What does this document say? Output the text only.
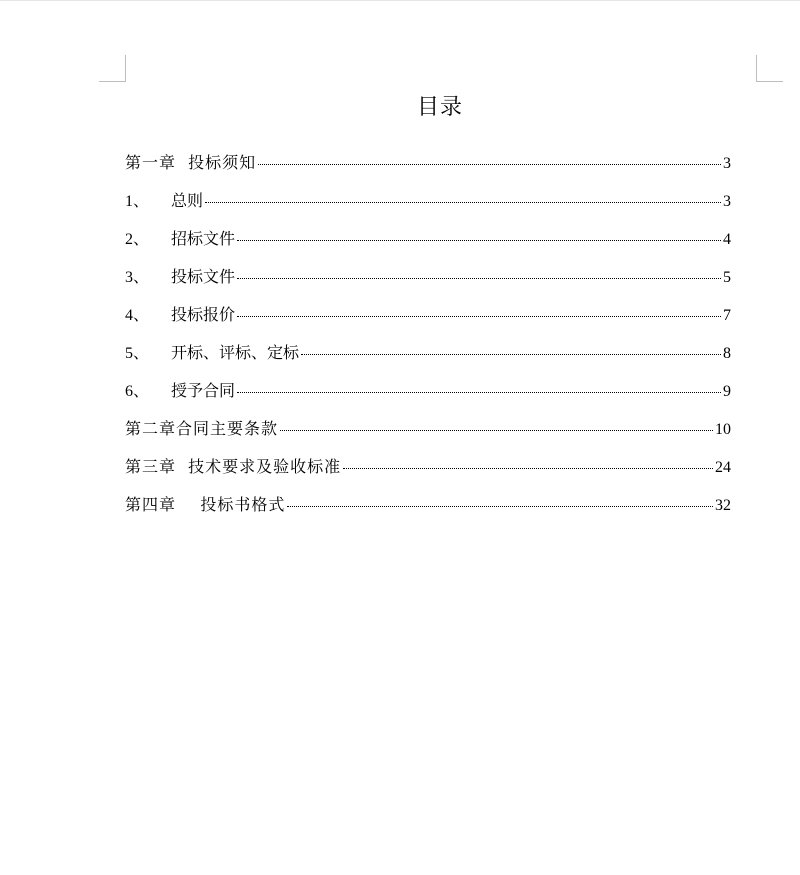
目录
第一章  投标须知	3
1、	总则	3
2、	招标文件	4
3、	投标文件	5
4、	投标报价	7
5、	开标、评标、定标	8
6、	授予合同	9
第二章合同主要条款	10
第三章  技术要求及验收标准	24
第四章    投标书格式	32
